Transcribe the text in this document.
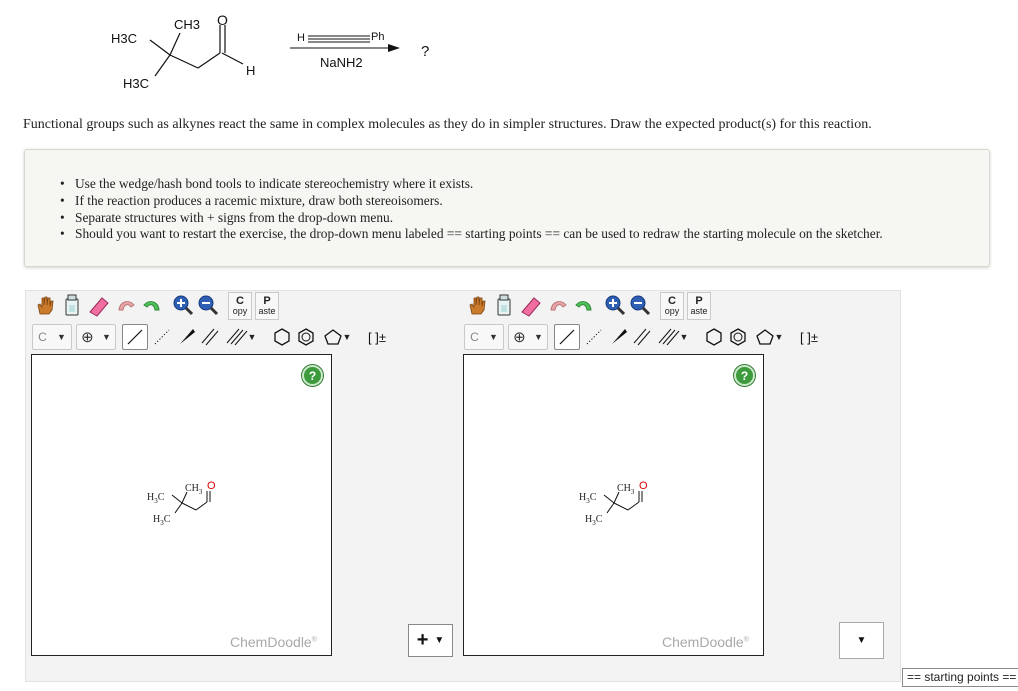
CH3
H3C
H3C
O
H
H	Ph
NaNH2
?
Functional groups such as alkynes react the same in complex molecules as they do in simpler structures. Draw the expected product(s) for this reaction.
• Use the wedge/hash bond tools to indicate stereochemistry where it exists.
• If the reaction produces a racemic mixture, draw both stereoisomers.
• Separate structures with + signs from the drop-down menu.
• Should you want to restart the exercise, the drop-down menu labeled == starting points == can be used to redraw the starting molecule on the sketcher.
C
opy
P
aste
C ▼ ⊕ ▼	▼	▼	[ ]±
C
opy
P
aste
C ▼ ⊕ ▼	▼	▼	[ ]±
?
$H_3C$
$CH_3$ O
$H_3C$
ChemDoodle®
?
$H_3C$
$CH_3$ O
$H_3C$
ChemDoodle®
+ ▼	▼
== starting points ==
